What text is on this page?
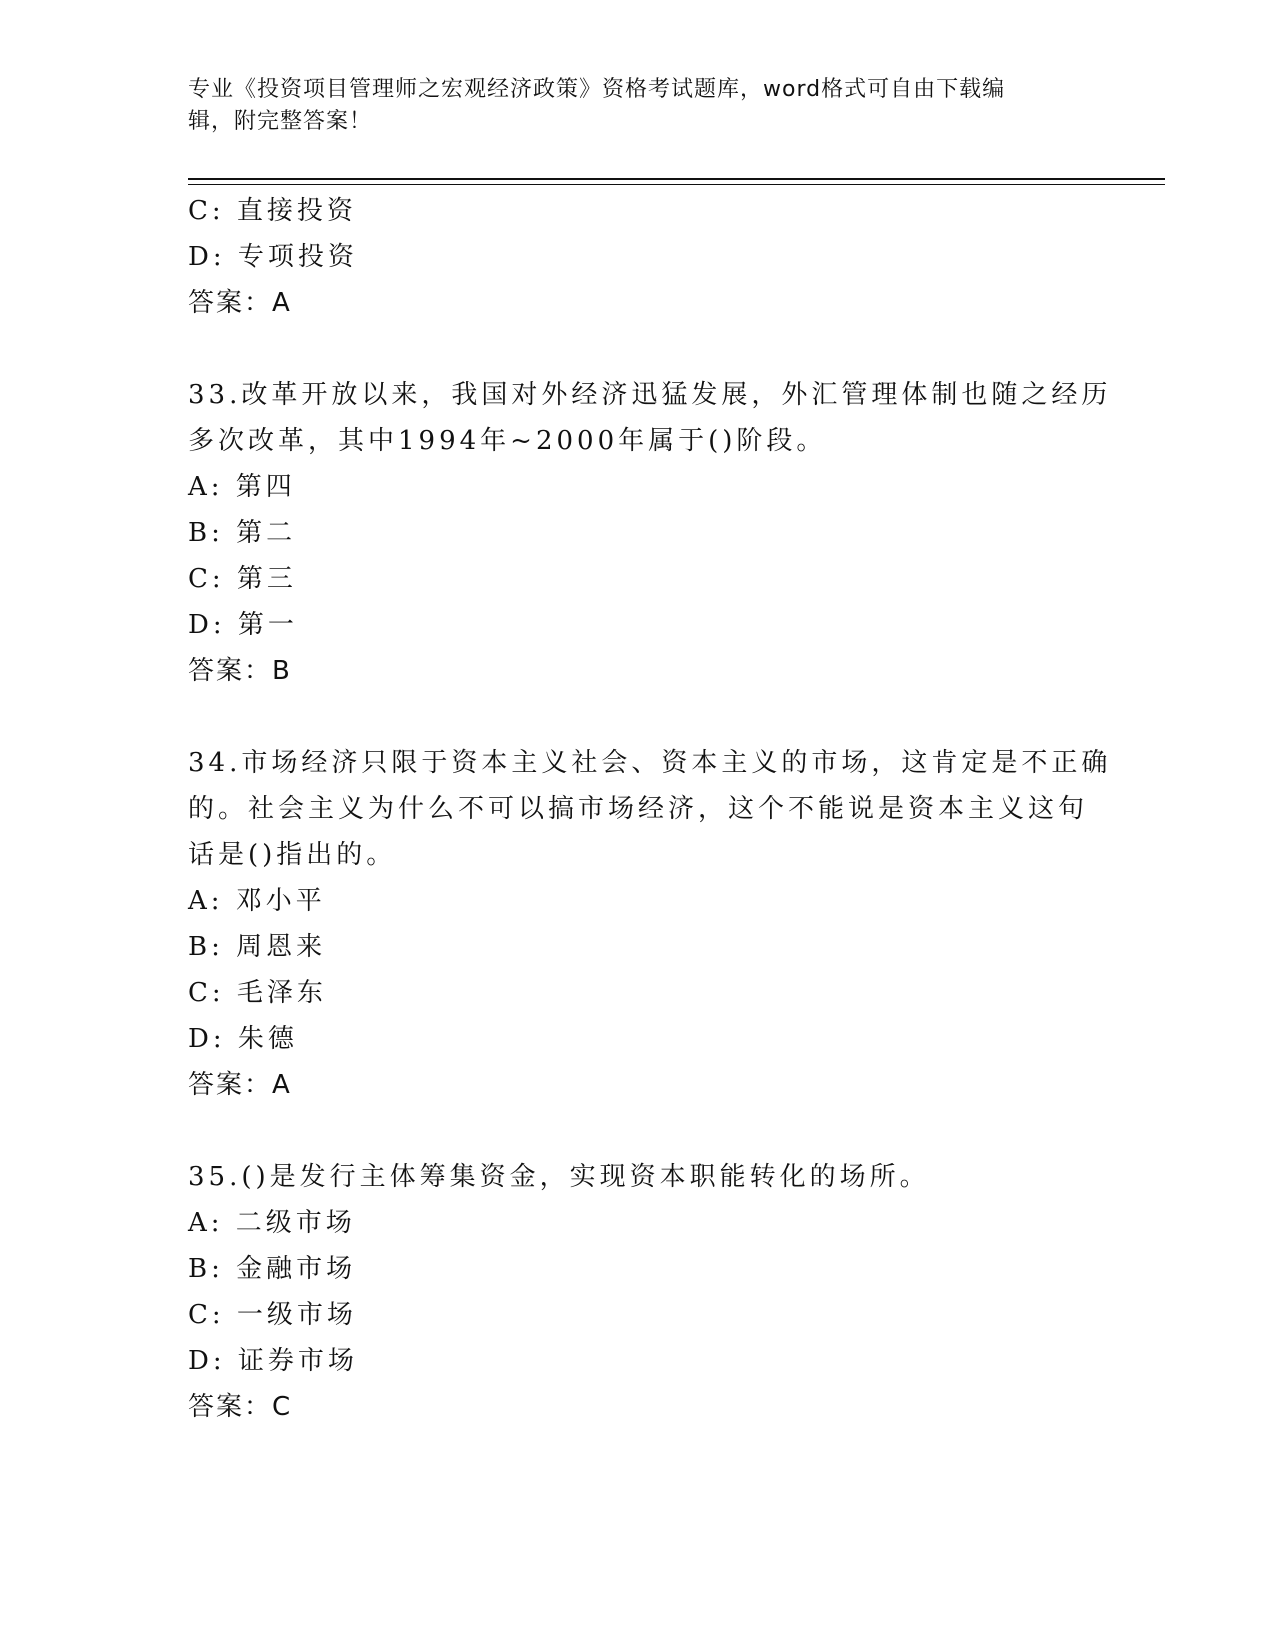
专业《投资项目管理师之宏观经济政策》资格考试题库，word格式可自由下载编
辑，附完整答案！
C: 直接投资
D: 专项投资
答案：A
33.改革开放以来，我国对外经济迅猛发展，外汇管理体制也随之经历
多次改革，其中1994年~2000年属于()阶段。
A: 第四
B: 第二
C: 第三
D: 第一
答案：B
34.市场经济只限于资本主义社会、资本主义的市场，这肯定是不正确
的。社会主义为什么不可以搞市场经济，这个不能说是资本主义这句
话是()指出的。
A: 邓小平
B: 周恩来
C: 毛泽东
D: 朱德
答案：A
35.()是发行主体筹集资金，实现资本职能转化的场所。
A: 二级市场
B: 金融市场
C: 一级市场
D: 证券市场
答案：C
